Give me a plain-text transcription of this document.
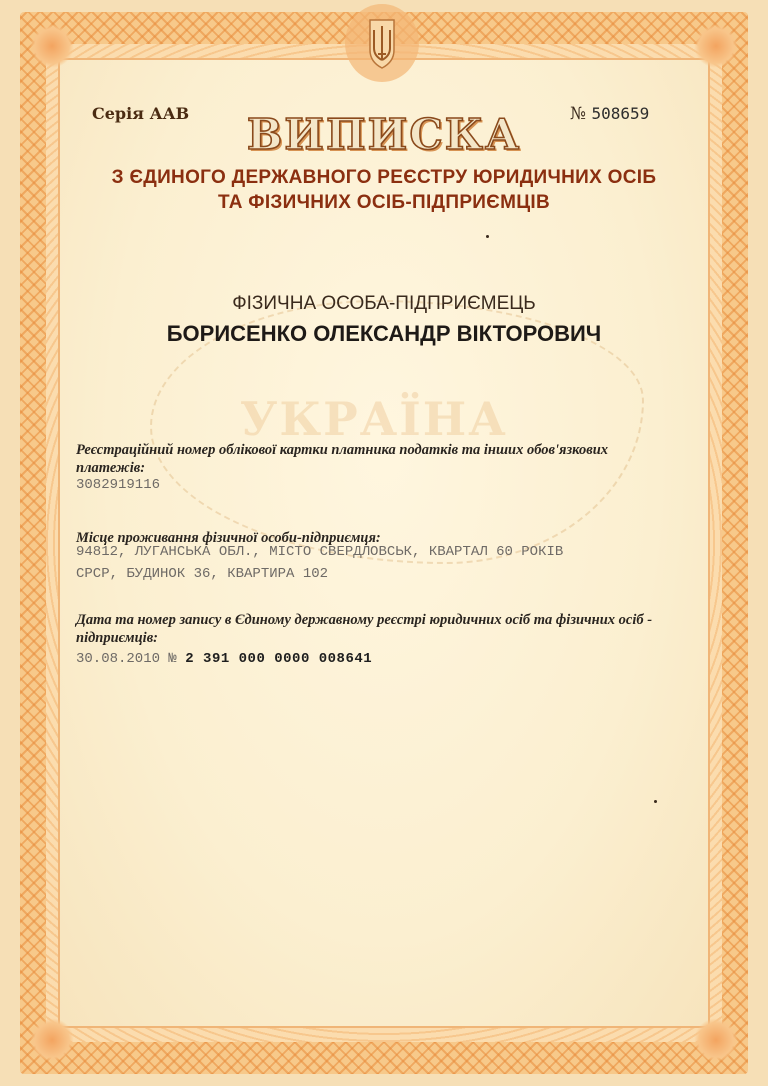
УКРАЇНА
Серія ААВ	№ 508659
ВИПИСКА
З ЄДИНОГО ДЕРЖАВНОГО РЕЄСТРУ ЮРИДИЧНИХ ОСІБ
ТА ФІЗИЧНИХ ОСІБ-ПІДПРИЄМЦІВ
ФІЗИЧНА ОСОБА-ПІДПРИЄМЕЦЬ
БОРИСЕНКО ОЛЕКСАНДР ВІКТОРОВИЧ
Реєстраційний номер облікової картки платника податків та інших обов'язкових платежів:
3082919116
Місце проживання фізичної особи-підприємця:
94812, ЛУГАНСЬКА ОБЛ., МІСТО СВЕРДЛОВСЬК, КВАРТАЛ 60 РОКІВ
СРСР, БУДИНОК 36, КВАРТИРА 102
Дата та номер запису в Єдиному державному реєстрі юридичних осіб та фізичних осіб - підприємців:
30.08.2010 № 2 391 000 0000 008641
